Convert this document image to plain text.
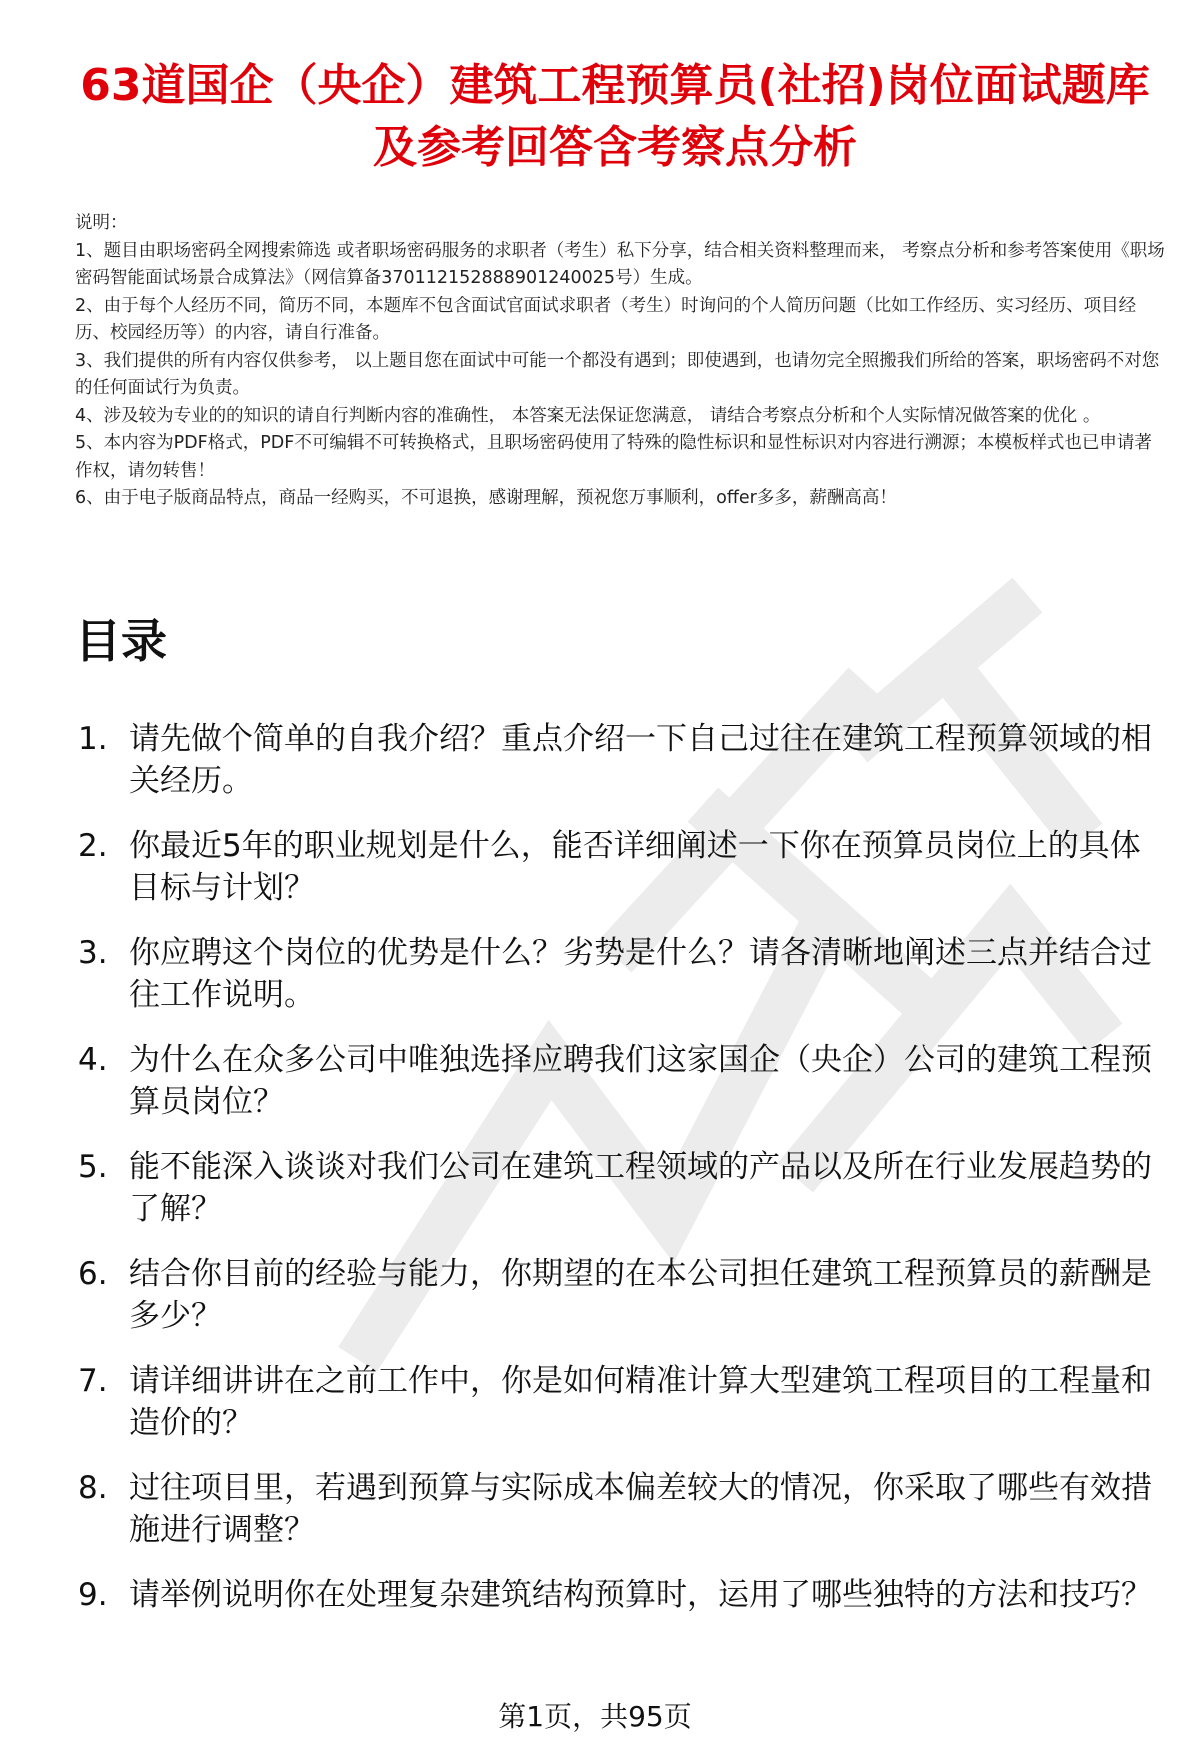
63道国企（央企）建筑工程预算员(社招)岗位面试题库及参考回答含考察点分析

说明：

1、题目由职场密码全网搜索筛选 或者职场密码服务的求职者（考生）私下分享，结合相关资料整理而来， 考察点分析和参考答案使用《职场密码智能面试场景合成算法》（网信算备370112152888901240025号）生成。

2、由于每个人经历不同，简历不同，本题库不包含面试官面试求职者（考生）时询问的个人简历问题（比如工作经历、实习经历、项目经历、校园经历等）的内容，请自行准备。

3、我们提供的所有内容仅供参考， 以上题目您在面试中可能一个都没有遇到；即使遇到，也请勿完全照搬我们所给的答案，职场密码不对您的任何面试行为负责。

4、涉及较为专业的的知识的请自行判断内容的准确性， 本答案无法保证您满意， 请结合考察点分析和个人实际情况做答案的优化 。

5、本内容为PDF格式，PDF不可编辑不可转换格式，且职场密码使用了特殊的隐性标识和显性标识对内容进行溯源；本模板样式也已申请著作权，请勿转售！

6、由于电子版商品特点，商品一经购买，不可退换，感谢理解，预祝您万事顺利，offer多多，薪酬高高！

目录
1. 请先做个简单的自我介绍？重点介绍一下自己过往在建筑工程预算领域的相关经历。
2. 你最近5年的职业规划是什么，能否详细阐述一下你在预算员岗位上的具体目标与计划？
3. 你应聘这个岗位的优势是什么？劣势是什么？请各清晰地阐述三点并结合过往工作说明。
4. 为什么在众多公司中唯独选择应聘我们这家国企（央企）公司的建筑工程预算员岗位？
5. 能不能深入谈谈对我们公司在建筑工程领域的产品以及所在行业发展趋势的了解？
6. 结合你目前的经验与能力，你期望的在本公司担任建筑工程预算员的薪酬是多少？
7. 请详细讲讲在之前工作中，你是如何精准计算大型建筑工程项目的工程量和造价的？
8. 过往项目里，若遇到预算与实际成本偏差较大的情况，你采取了哪些有效措施进行调整？
9. 请举例说明你在处理复杂建筑结构预算时，运用了哪些独特的方法和技巧？
第1页，共95页
